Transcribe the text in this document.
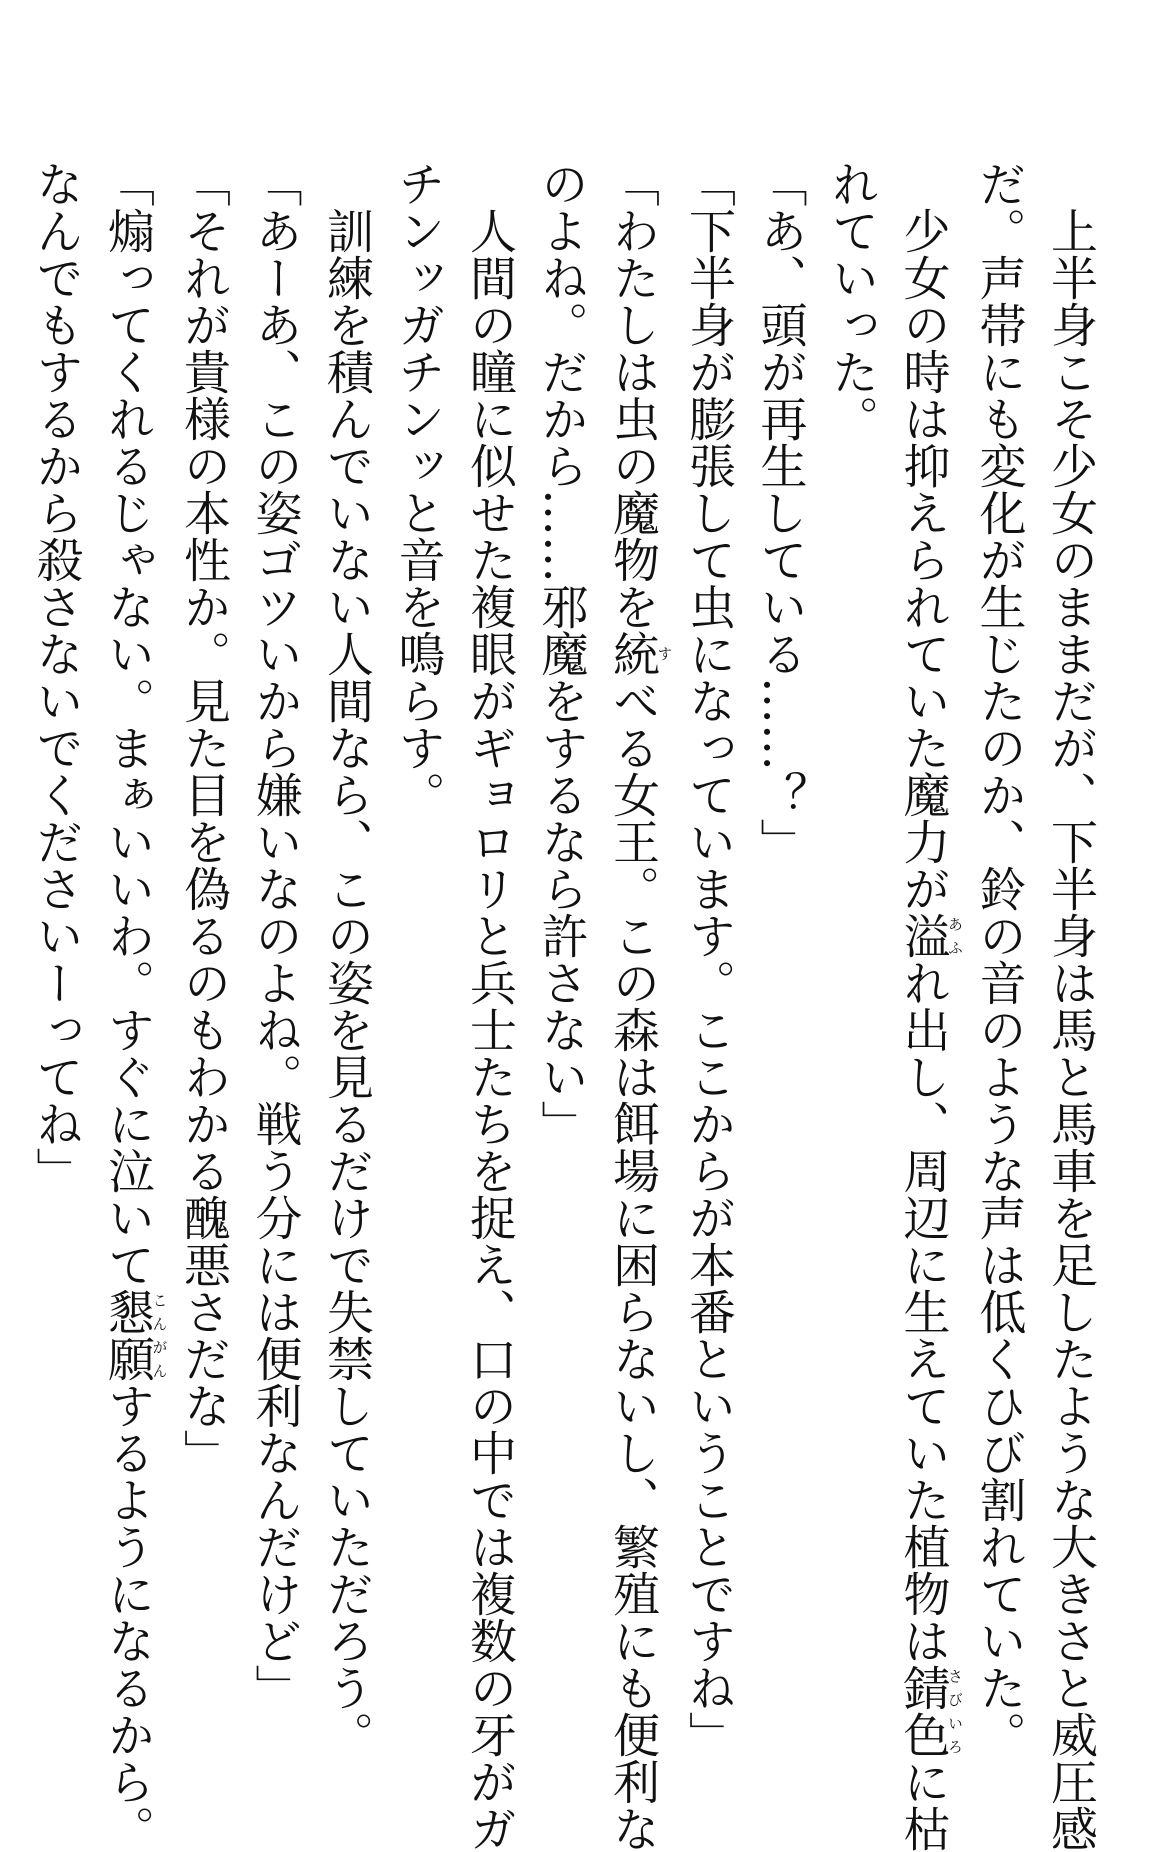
　上半身こそ少女のままだが、下半身は馬と馬車を足したような大きさと威圧感
だ。声帯にも変化が生じたのか、鈴の音のような声は低くひび割れていた。
　少女の時は抑えられていた魔力が溢あふれ出し、周辺に生えていた植物は錆色さびいろに枯
れていった。
「あ、頭が再生している……？」
「下半身が膨張して虫になっています。ここからが本番ということですね」
「わたしは虫の魔物を統すべる女王。この森は餌場に困らないし、繁殖にも便利な
のよね。だから……邪魔をするなら許さない」
　人間の瞳に似せた複眼がギョロリと兵士たちを捉え、口の中では複数の牙がガ
チンッガチンッと音を鳴らす。
　訓練を積んでいない人間なら、この姿を見るだけで失禁していただろう。
「あーあ、この姿ゴツいから嫌いなのよね。戦う分には便利なんだけど」
「それが貴様の本性か。見た目を偽るのもわかる醜悪さだな」
「煽ってくれるじゃない。まぁいいわ。すぐに泣いて懇願こんがんするようになるから。
なんでもするから殺さないでくださいーってね」
